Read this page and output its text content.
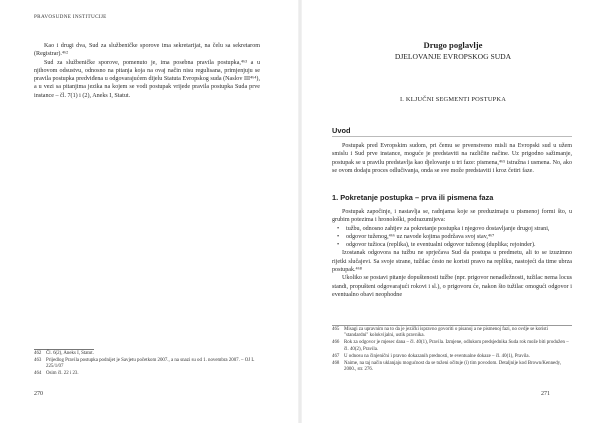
PRAVOSUDNE INSTITUCIJE

Kao i drugi dva, Sud za službeničke sporove ima sekretarijat, na čelu sa sekretarom (Registrar).⁴⁶²

Sud za službeničke sporove, pomenuto je, ima posebna pravila postupka,⁴⁶³ a u njihovom odsustvu, odnosno na pitanja koja na ovaj način nisu regulisana, primjenjuju se pravila postupka predviđena u odgovarajućem dijelu Statuta Evropskog suda (Naslov III⁴⁶⁴), a u vezi sa pitanjima jezika na kojem se vodi postupak vrijede pravila postupka Suda prve instance – čl. 7(1) i (2), Aneks I, Statut.

462 Čl. 6(2), Aneks I, Statut.
463 Prijedlog Pravila postupka podnijet je Savjetu početkom 2007., a na snazi su od 1. novembra 2007. – OJ L 225/1/07
464 Osim čl. 22 i 23.
270
Drugo poglavlje
DJELOVANJE EVROPSKOG SUDA
I. KLJUČNI SEGMENTI POSTUPKA
Uvod

Postupak pred Evropskim sudom, pri čemu se prvenstveno misli na Evropski sud u užem smislu i Sud prve instance, moguće je predstaviti na različite načine. Uz prigodno sažimanje, postupak se u pravilu predstavlja kao djelovanje u tri faze: pismena,⁴⁶⁵ istražna i usmena. No, ako se ovom dodaju proces odlučivanja, onda se sve može predstaviti i kroz četiri faze.

1. Pokretanje postupka – prva ili pismena faza

Postupak započinje, i nastavlja se, radnjama koje se preduzimaju u pismenoj formi što, u grubim potezima i hronološki, podrazumijeva:

• tužbu, odnosno zahtjev za pokretanje postupka i njegovo dostavljanje drugoj strani,
• odgovor tuženog,⁴⁶⁶ uz navode kojima podržava svoj stav,⁴⁶⁷
• odgovor tužioca (replika), te eventualni odgovor tuženog (duplika; rejoinder).

Izostanak odgovora na tužbu ne sprječava Sud da postupa u predmetu, ali to se izuzimno rijetki slučajevi. Sa svoje strane, tužilac ćesto ne koristi pravo na repliku, nastojeći da time ubrza postupak.⁴⁶⁸

Ukoliko se postavi pitanje dopuštenosti tužbe (npr. prigovor nenadležnosti, tužilac nema locus standi, propušteni odgovarajući rokovi i sl.), o prigovoru će, nakon što tužilac omogući odgovor i eventualno obavi neophodne

465 Misagi za upravnim na to da je jezički ispravno govoriti o pisanoj a ne pismenoj fazi, no ovdje se koristi "standardni" kolokvijalni, ustik pravnika.
466 Rok za odgovor je mjesec dana – čl. 40(1), Pravila. Izmjene, odlukom predsjednika Suda rok može biti produžen – čl. 40(2), Pravila.
467 U odnosu na činjenični i pravno dokazanih prednosti, te eventualne dokaze – čl. 40(1), Pravila.
468 Naime, na taj način uklanjaju mogućnost da se tuženi očituje (i) tim povodom. Detaljnije kod Brown/Kennedy, 2000., str. 276.
271
